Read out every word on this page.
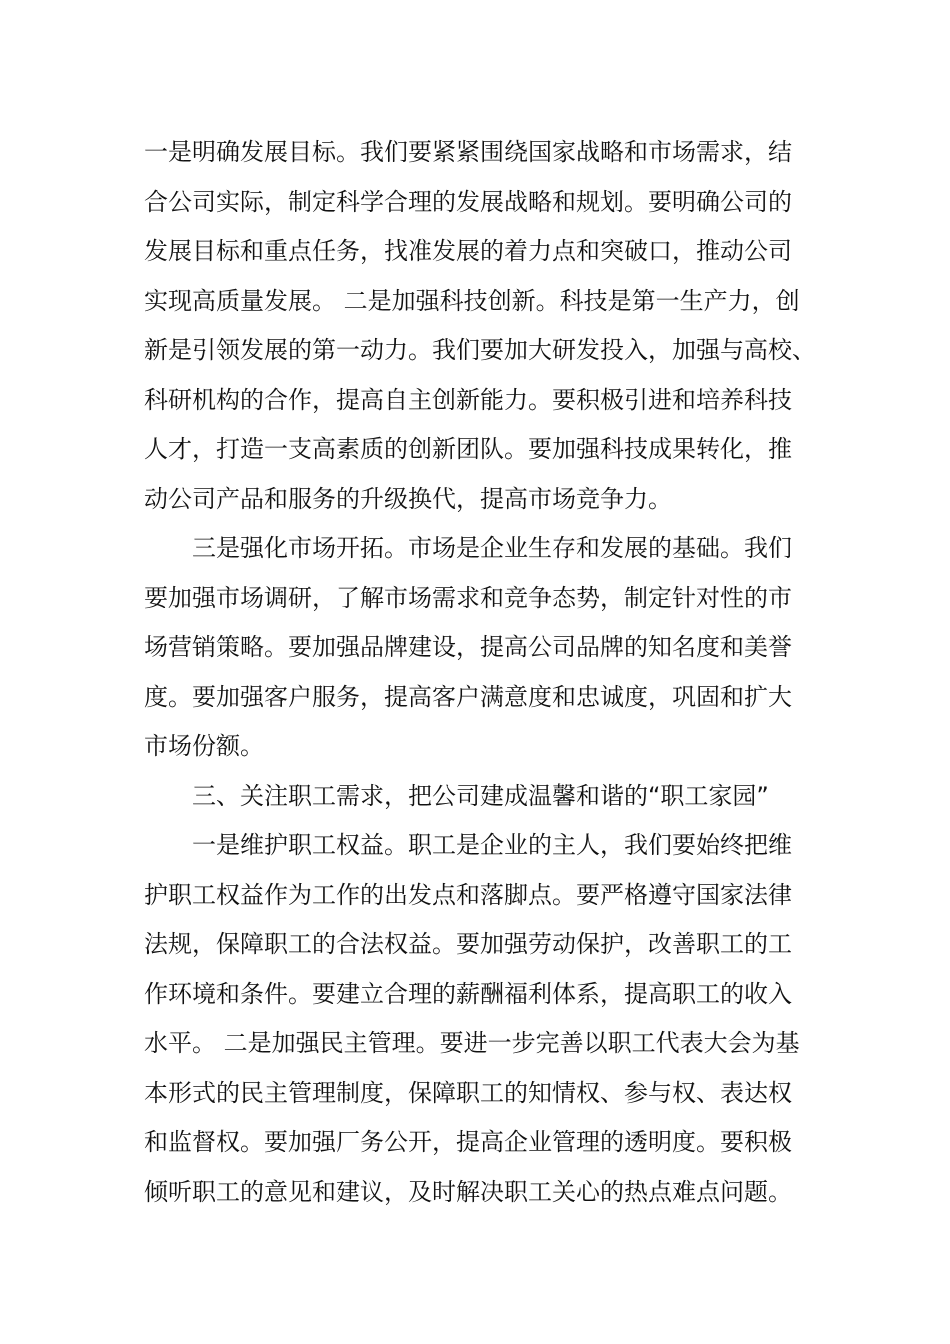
一是明确发展目标。我们要紧紧围绕国家战略和市场需求，结
合公司实际，制定科学合理的发展战略和规划。要明确公司的
发展目标和重点任务，找准发展的着力点和突破口，推动公司
实现高质量发展。 二是加强科技创新。科技是第一生产力，创
新是引领发展的第一动力。我们要加大研发投入，加强与高校、
科研机构的合作，提高自主创新能力。要积极引进和培养科技
人才，打造一支高素质的创新团队。要加强科技成果转化，推
动公司产品和服务的升级换代，提高市场竞争力。
　　三是强化市场开拓。市场是企业生存和发展的基础。我们
要加强市场调研，了解市场需求和竞争态势，制定针对性的市
场营销策略。要加强品牌建设，提高公司品牌的知名度和美誉
度。要加强客户服务，提高客户满意度和忠诚度，巩固和扩大
市场份额。
　　三、关注职工需求，把公司建成温馨和谐的“职工家园”
　　一是维护职工权益。职工是企业的主人，我们要始终把维
护职工权益作为工作的出发点和落脚点。要严格遵守国家法律
法规，保障职工的合法权益。要加强劳动保护，改善职工的工
作环境和条件。要建立合理的薪酬福利体系，提高职工的收入
水平。 二是加强民主管理。要进一步完善以职工代表大会为基
本形式的民主管理制度，保障职工的知情权、参与权、表达权
和监督权。要加强厂务公开，提高企业管理的透明度。要积极
倾听职工的意见和建议，及时解决职工关心的热点难点问题。
